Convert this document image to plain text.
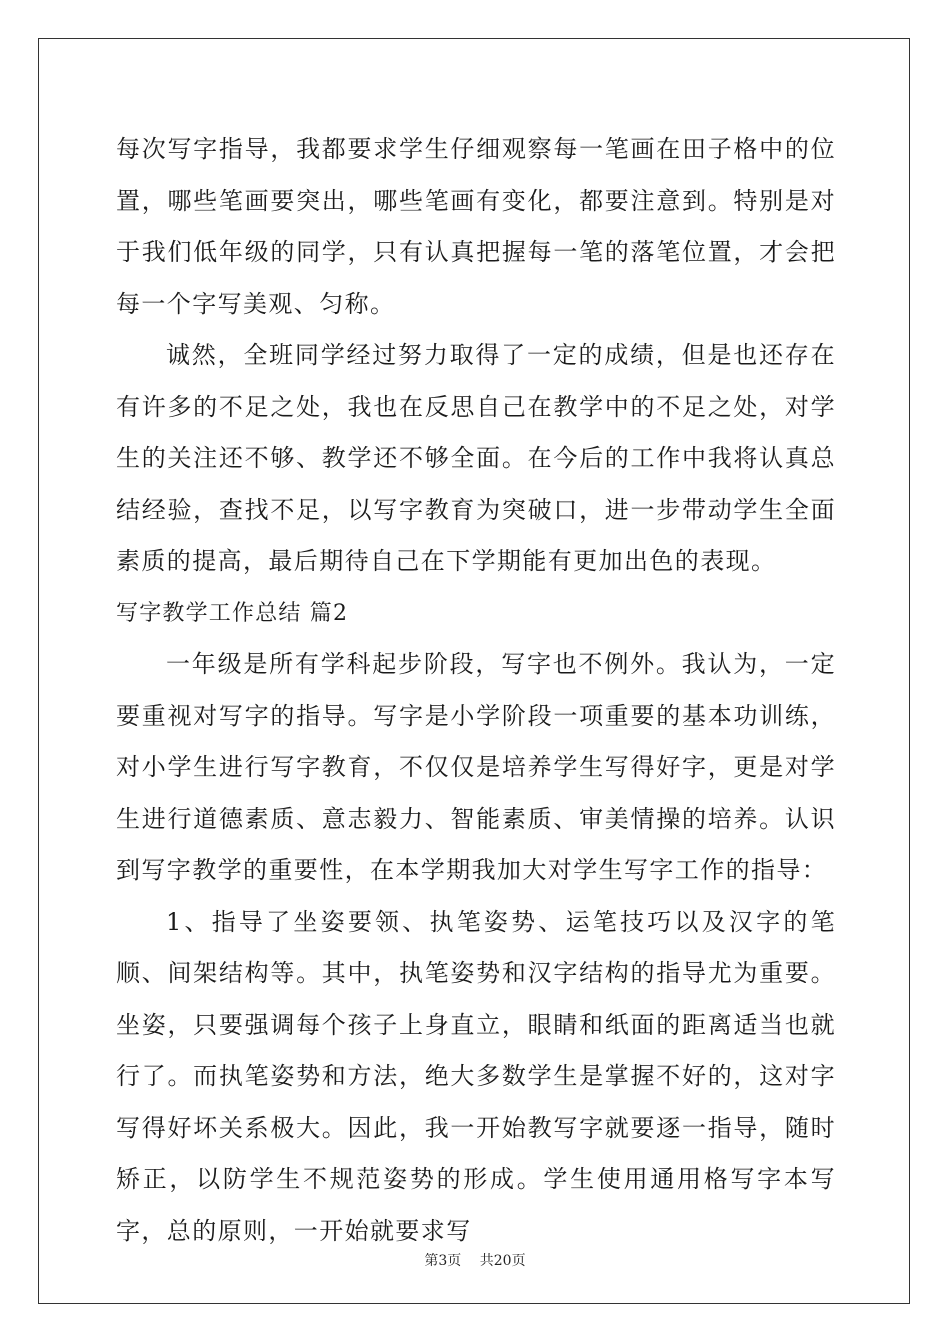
每次写字指导，我都要求学生仔细观察每一笔画在田子格中的位置，哪些笔画要突出，哪些笔画有变化，都要注意到。特别是对于我们低年级的同学，只有认真把握每一笔的落笔位置，才会把每一个字写美观、匀称。

诚然，全班同学经过努力取得了一定的成绩，但是也还存在有许多的不足之处，我也在反思自己在教学中的不足之处，对学生的关注还不够、教学还不够全面。在今后的工作中我将认真总结经验，查找不足，以写字教育为突破口，进一步带动学生全面素质的提高，最后期待自己在下学期能有更加出色的表现。

写字教学工作总结 篇2

一年级是所有学科起步阶段，写字也不例外。我认为，一定要重视对写字的指导。写字是小学阶段一项重要的基本功训练，对小学生进行写字教育，不仅仅是培养学生写得好字，更是对学生进行道德素质、意志毅力、智能素质、审美情操的培养。认识到写字教学的重要性，在本学期我加大对学生写字工作的指导：

1、指导了坐姿要领、执笔姿势、运笔技巧以及汉字的笔顺、间架结构等。其中，执笔姿势和汉字结构的指导尤为重要。坐姿，只要强调每个孩子上身直立，眼睛和纸面的距离适当也就行了。而执笔姿势和方法，绝大多数学生是掌握不好的，这对字写得好坏关系极大。因此，我一开始教写字就要逐一指导，随时矫正，以防学生不规范姿势的形成。学生使用通用格写字本写字，总的原则，一开始就要求写

第3页 共20页
